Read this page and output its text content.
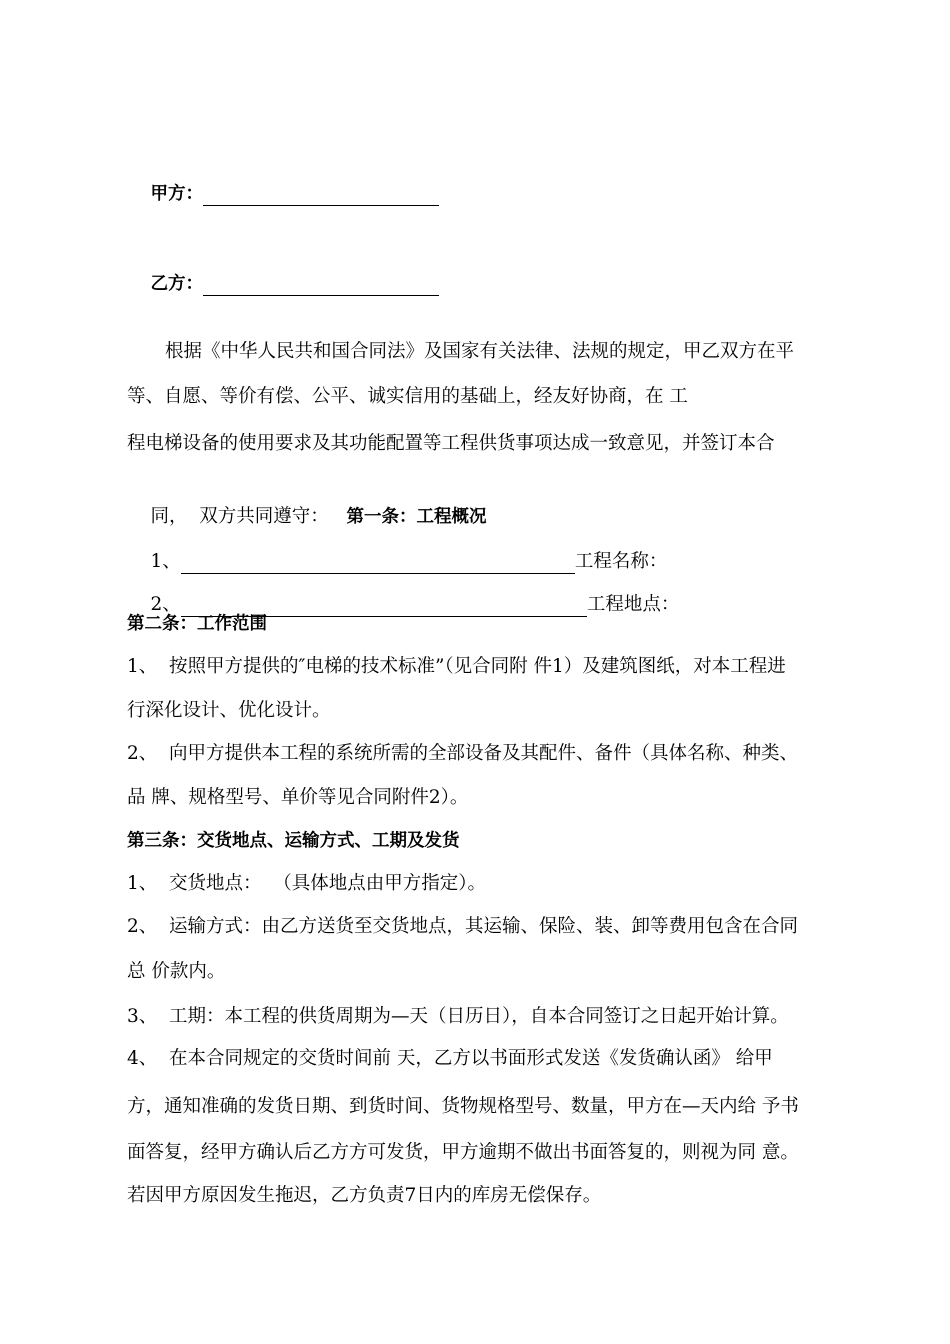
甲方：

乙方：

根据《中华人民共和国合同法》及国家有关法律、法规的规定，甲乙双方在平
等、自愿、等价有偿、公平、诚实信用的基础上，经友好协商，在 工
程电梯设备的使用要求及其功能配置等工程供货事项达成一致意见，并签订本合

同，  双方共同遵守： 第一条：工程概况

1、	工程名称：

2、	工程地点：

第二条：工作范围
1、  按照甲方提供的″电梯的技术标准”（见合同附 件1）及建筑图纸，对本工程进
行深化设计、优化设计。
2、  向甲方提供本工程的系统所需的全部设备及其配件、备件（具体名称、种类、
品 牌、规格型号、单价等见合同附件2）。
第三条：交货地点、运输方式、工期及发货
1、  交货地点：  （具体地点由甲方指定）。
2、  运输方式：由乙方送货至交货地点，其运输、保险、装、卸等费用包含在合同
总 价款内。
3、  工期：本工程的供货周期为—天（日历日），自本合同签订之日起开始计算。
4、  在本合同规定的交货时间前 天，乙方以书面形式发送《发货确认函》 给甲
方，通知准确的发货日期、到货时间、货物规格型号、数量，甲方在—天内给 予书
面答复，经甲方确认后乙方方可发货，甲方逾期不做出书面答复的，则视为同 意。
若因甲方原因发生拖迟，乙方负责7日内的库房无偿保存。
